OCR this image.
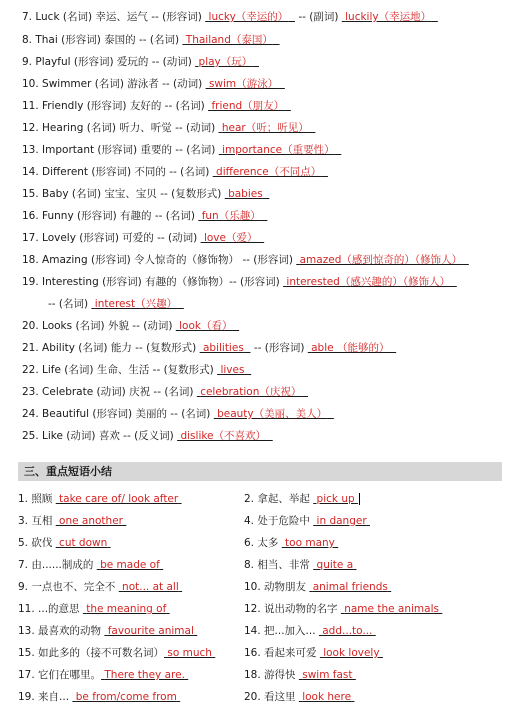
7. Luck (名词) 幸运、运气 -- (形容词)  lucky（幸运的）   -- (副词)  luckily（幸运地）
8. Thai (形容词) 泰国的 -- (名词)  Thailand（泰国）
9. Playful (形容词) 爱玩的 -- (动词)  play（玩）
10. Swimmer (名词) 游泳者 -- (动词)  swim（游泳）
11. Friendly (形容词) 友好的 -- (名词)  friend（朋友）
12. Hearing (名词) 听力、听觉 -- (动词)  hear（听；听见）
13. Important (形容词) 重要的 -- (名词)  importance（重要性）
14. Different (形容词) 不同的 -- (名词)  difference（不同点）
15. Baby (名词) 宝宝、宝贝 -- (复数形式)  babies
16. Funny (形容词) 有趣的 -- (名词)  fun（乐趣）
17. Lovely (形容词) 可爱的 -- (动词)  love（爱）
18. Amazing (形容词) 令人惊奇的（修饰物） -- (形容词)  amazed（感到惊奇的）（修饰人）
19. Interesting (形容词) 有趣的（修饰物）-- (形容词)  interested（感兴趣的）（修饰人）
-- (名词)  interest（兴趣）
20. Looks (名词) 外貌 -- (动词)  look（看）
21. Ability (名词) 能力 -- (复数形式)  abilities   -- (形容词)  able （能够的）
22. Life (名词) 生命、生活 -- (复数形式)  lives
23. Celebrate (动词) 庆祝 -- (名词)  celebration（庆祝）
24. Beautiful (形容词) 美丽的 -- (名词)  beauty（美丽、美人）
25. Like (动词) 喜欢 -- (反义词)  dislike（不喜欢）
三、重点短语小结
1. 照顾  take care of/ look after	2. 拿起、举起  pick up
3. 互相  one another	4. 处于危险中  in danger
5. 砍伐  cut down	6. 太多  too many
7. 由......制成的  be made of	8. 相当、非常  quite a
9. 一点也不、完全不  not... at all	10. 动物朋友  animal friends
11. ...的意思  the meaning of	12. 说出动物的名字  name the animals
13. 最喜欢的动物  favourite animal	14. 把...加入...  add...to...
15. 如此多的（接不可数名词） so much	16. 看起来可爱  look lovely
17. 它们在哪里。 There they are.	18. 游得快  swim fast
19. 来自...  be from/come from	20. 看这里  look here
